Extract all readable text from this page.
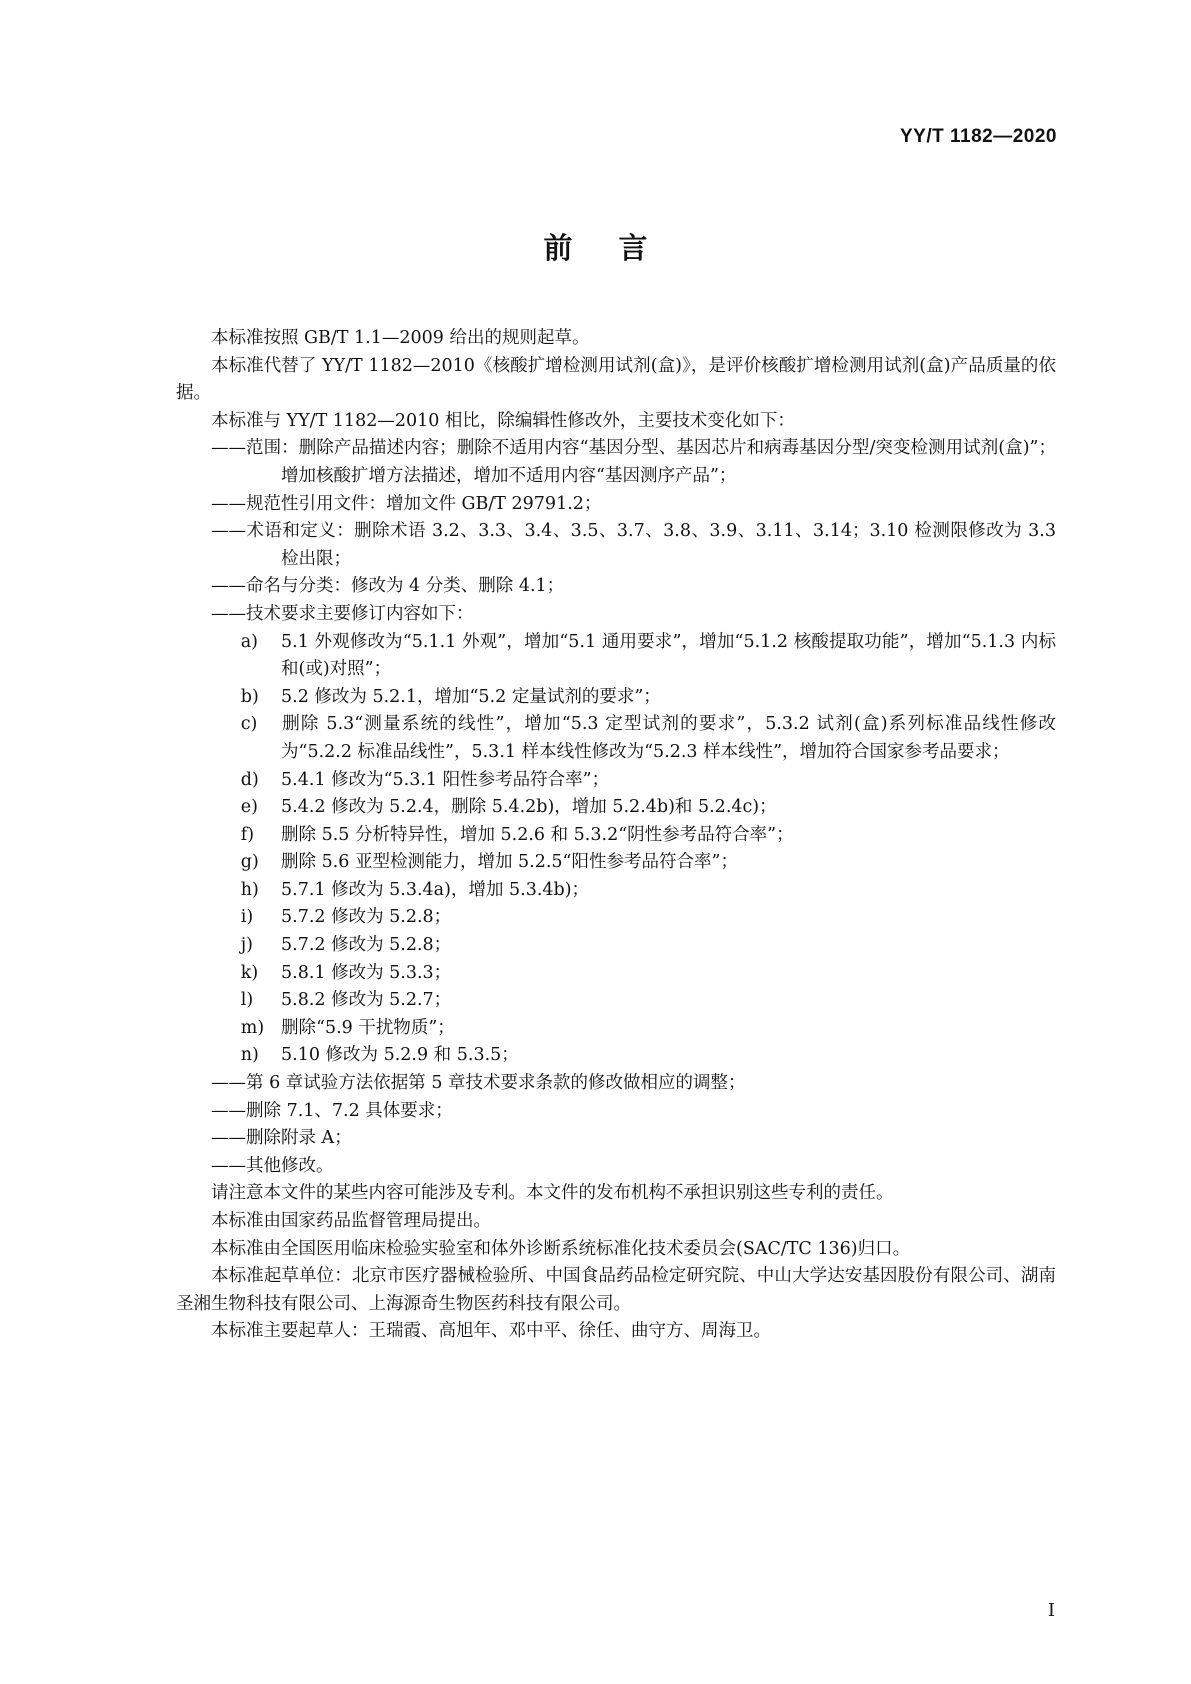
YY/T 1182—2020
前言

本标准按照 GB/T 1.1—2009 给出的规则起草。

本标准代替了 YY/T 1182—2010《核酸扩增检测用试剂(盒)》，是评价核酸扩增检测用试剂(盒)产品质量的依据。

本标准与 YY/T 1182—2010 相比，除编辑性修改外，主要技术变化如下：

——范围：删除产品描述内容；删除不适用内容“基因分型、基因芯片和病毒基因分型/突变检测用试剂(盒)”；增加核酸扩增方法描述，增加不适用内容“基因测序产品”；

——规范性引用文件：增加文件 GB/T 29791.2；

——术语和定义：删除术语 3.2、3.3、3.4、3.5、3.7、3.8、3.9、3.11、3.14；3.10 检测限修改为 3.3 检出限；

——命名与分类：修改为 4 分类、删除 4.1；

——技术要求主要修订内容如下：

a) 5.1 外观修改为“5.1.1 外观”，增加“5.1 通用要求”，增加“5.1.2 核酸提取功能”，增加“5.1.3 内标和(或)对照”；

b) 5.2 修改为 5.2.1，增加“5.2 定量试剂的要求”；

c) 删除 5.3“测量系统的线性”，增加“5.3 定型试剂的要求”，5.3.2 试剂(盒)系列标准品线性修改为“5.2.2 标准品线性”，5.3.1 样本线性修改为“5.2.3 样本线性”，增加符合国家参考品要求；

d) 5.4.1 修改为“5.3.1 阳性参考品符合率”；

e) 5.4.2 修改为 5.2.4，删除 5.4.2b)，增加 5.2.4b)和 5.2.4c)；

f) 删除 5.5 分析特异性，增加 5.2.6 和 5.3.2“阴性参考品符合率”；

g) 删除 5.6 亚型检测能力，增加 5.2.5“阳性参考品符合率”；

h) 5.7.1 修改为 5.3.4a)，增加 5.3.4b)；

i) 5.7.2 修改为 5.2.8；

j) 5.7.2 修改为 5.2.8；

k) 5.8.1 修改为 5.3.3；

l) 5.8.2 修改为 5.2.7；

m) 删除“5.9 干扰物质”；

n) 5.10 修改为 5.2.9 和 5.3.5；

——第 6 章试验方法依据第 5 章技术要求条款的修改做相应的调整；

——删除 7.1、7.2 具体要求；

——删除附录 A；

——其他修改。

请注意本文件的某些内容可能涉及专利。本文件的发布机构不承担识别这些专利的责任。

本标准由国家药品监督管理局提出。

本标准由全国医用临床检验实验室和体外诊断系统标准化技术委员会(SAC/TC 136)归口。

本标准起草单位：北京市医疗器械检验所、中国食品药品检定研究院、中山大学达安基因股份有限公司、湖南圣湘生物科技有限公司、上海源奇生物医药科技有限公司。

本标准主要起草人：王瑞霞、高旭年、邓中平、徐任、曲守方、周海卫。

I
